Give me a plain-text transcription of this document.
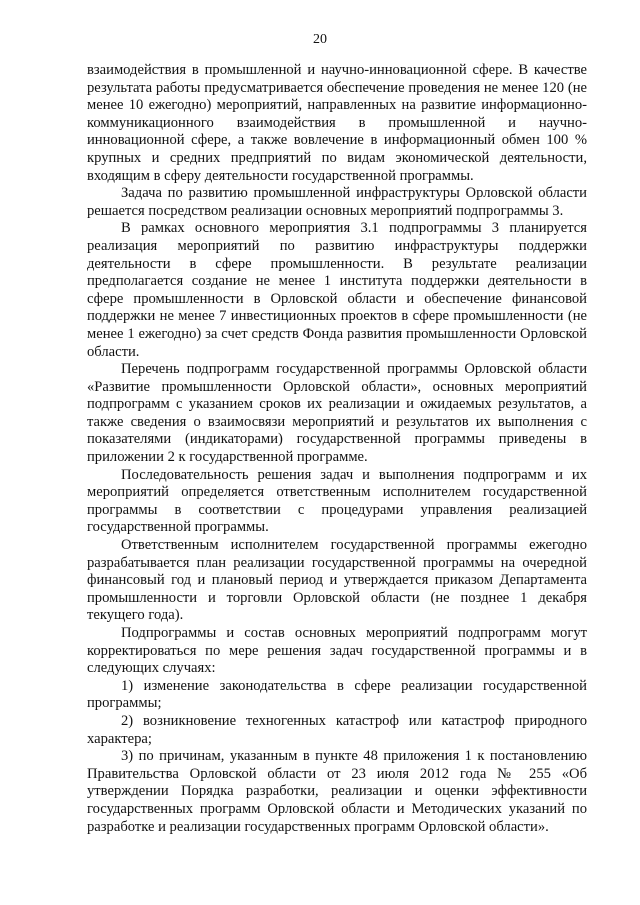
20

взаимодействия в промышленной и научно-инновационной сфере. В качестве результата работы предусматривается обеспечение проведения не менее 120 (не менее 10 ежегодно) мероприятий, направленных на развитие информационно-коммуникационного взаимодействия в промышленной и научно-инновационной сфере, а также вовлечение в информационный обмен 100 % крупных и средних предприятий по видам экономической деятельности, входящим в сферу деятельности государственной программы.

Задача по развитию промышленной инфраструктуры Орловской области решается посредством реализации основных мероприятий подпрограммы 3.

В рамках основного мероприятия 3.1 подпрограммы 3 планируется реализация мероприятий по развитию инфраструктуры поддержки деятельности в сфере промышленности. В результате реализации предполагается создание не менее 1 института поддержки деятельности в сфере промышленности в Орловской области и обеспечение финансовой поддержки не менее 7 инвестиционных проектов в сфере промышленности (не менее 1 ежегодно) за счет средств Фонда развития промышленности Орловской области.

Перечень подпрограмм государственной программы Орловской области «Развитие промышленности Орловской области», основных мероприятий подпрограмм с указанием сроков их реализации и ожидаемых результатов, а также сведения о взаимосвязи мероприятий и результатов их выполнения с показателями (индикаторами) государственной программы приведены в приложении 2 к государственной программе.

Последовательность решения задач и выполнения подпрограмм и их мероприятий определяется ответственным исполнителем государственной программы в соответствии с процедурами управления реализацией государственной программы.

Ответственным исполнителем государственной программы ежегодно разрабатывается план реализации государственной программы на очередной финансовый год и плановый период и утверждается приказом Департамента промышленности и торговли Орловской области (не позднее 1 декабря текущего года).

Подпрограммы и состав основных мероприятий подпрограмм могут корректироваться по мере решения задач государственной программы и в следующих случаях:

1) изменение законодательства в сфере реализации государственной программы;

2) возникновение техногенных катастроф или катастроф природного характера;

3) по причинам, указанным в пункте 48 приложения 1 к постановлению Правительства Орловской области от 23 июля 2012 года № 255 «Об утверждении Порядка разработки, реализации и оценки эффективности государственных программ Орловской области и Методических указаний по разработке и реализации государственных программ Орловской области».
